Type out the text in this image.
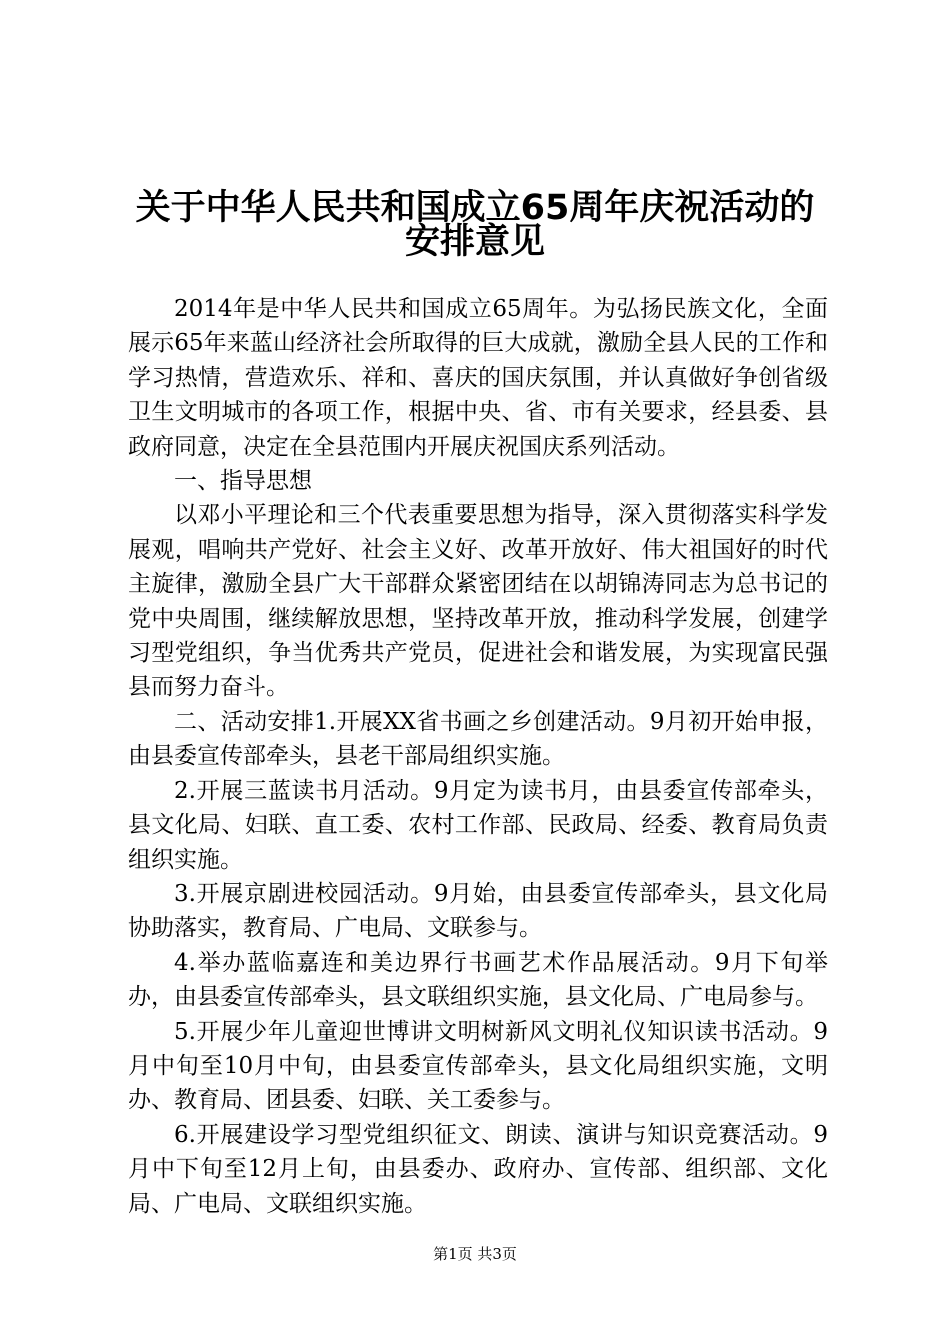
关于中华人民共和国成立65周年庆祝活动的
安排意见

2014年是中华人民共和国成立65周年。为弘扬民族文化，全面展示65年来蓝山经济社会所取得的巨大成就，激励全县人民的工作和学习热情，营造欢乐、祥和、喜庆的国庆氛围，并认真做好争创省级卫生文明城市的各项工作，根据中央、省、市有关要求，经县委、县政府同意，决定在全县范围内开展庆祝国庆系列活动。

一、指导思想

以邓小平理论和三个代表重要思想为指导，深入贯彻落实科学发展观，唱响共产党好、社会主义好、改革开放好、伟大祖国好的时代主旋律，激励全县广大干部群众紧密团结在以胡锦涛同志为总书记的党中央周围，继续解放思想，坚持改革开放，推动科学发展，创建学习型党组织，争当优秀共产党员，促进社会和谐发展，为实现富民强县而努力奋斗。

二、活动安排1.开展XX省书画之乡创建活动。9月初开始申报，由县委宣传部牵头，县老干部局组织实施。

2.开展三蓝读书月活动。9月定为读书月，由县委宣传部牵头，县文化局、妇联、直工委、农村工作部、民政局、经委、教育局负责组织实施。

3.开展京剧进校园活动。9月始，由县委宣传部牵头，县文化局协助落实，教育局、广电局、文联参与。

4.举办蓝临嘉连和美边界行书画艺术作品展活动。9月下旬举办，由县委宣传部牵头，县文联组织实施，县文化局、广电局参与。

5.开展少年儿童迎世博讲文明树新风文明礼仪知识读书活动。9月中旬至10月中旬，由县委宣传部牵头，县文化局组织实施，文明办、教育局、团县委、妇联、关工委参与。

6.开展建设学习型党组织征文、朗读、演讲与知识竞赛活动。9月中下旬至12月上旬，由县委办、政府办、宣传部、组织部、文化局、广电局、文联组织实施。

第1页 共3页
